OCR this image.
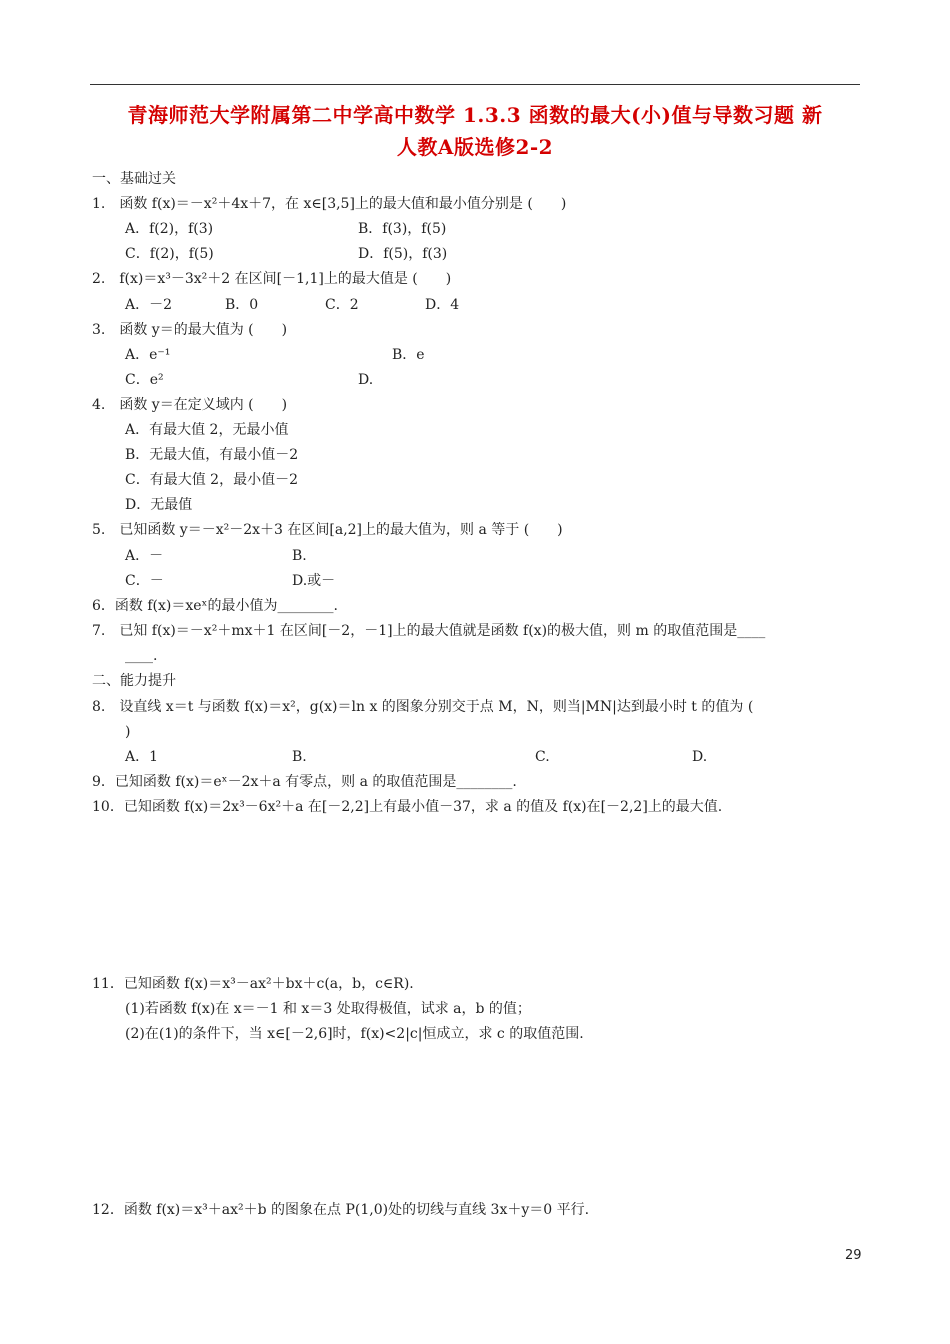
青海师范大学附属第二中学高中数学 1.3.3 函数的最大(小)值与导数习题 新
人教A版选修2-2
一、基础过关
1.　函数 f(x)＝－x²＋4x＋7，在 x∈[3,5]上的最大值和最小值分别是 (　　)
A．f(2)，f(3)	B．f(3)，f(5)
C．f(2)，f(5)	D．f(5)，f(3)
2.　f(x)＝x³－3x²＋2 在区间[－1,1]上的最大值是 (　　)
A．－2	B．0	C．2	D．4
3.　函数 y＝的最大值为 (　　)
A．e⁻¹	B．e
C．e²	D.
4.　函数 y＝在定义域内 (　　)
A．有最大值 2，无最小值
B．无最大值，有最小值－2
C．有最大值 2，最小值－2
D．无最值
5.　已知函数 y＝－x²－2x＋3 在区间[a,2]上的最大值为，则 a 等于 (　　)
A．－	B.
C．－	D.或－
6．函数 f(x)＝xeˣ的最小值为________.
7.　已知 f(x)＝－x²＋mx＋1 在区间[－2，－1]上的最大值就是函数 f(x)的极大值，则 m 的取值范围是____
____.
二、能力提升
8.　设直线 x＝t 与函数 f(x)＝x²，g(x)＝ln x 的图象分别交于点 M，N，则当|MN|达到最小时 t 的值为 (
)
A．1	B.	C.	D.
9．已知函数 f(x)＝eˣ－2x＋a 有零点，则 a 的取值范围是________.
10．已知函数 f(x)＝2x³－6x²＋a 在[－2,2]上有最小值－37，求 a 的值及 f(x)在[－2,2]上的最大值.
11．已知函数 f(x)＝x³－ax²＋bx＋c(a，b，c∈R).
(1)若函数 f(x)在 x＝－1 和 x＝3 处取得极值，试求 a，b 的值；
(2)在(1)的条件下，当 x∈[－2,6]时，f(x)<2|c|恒成立，求 c 的取值范围.
12．函数 f(x)＝x³＋ax²＋b 的图象在点 P(1,0)处的切线与直线 3x＋y＝0 平行.
29
